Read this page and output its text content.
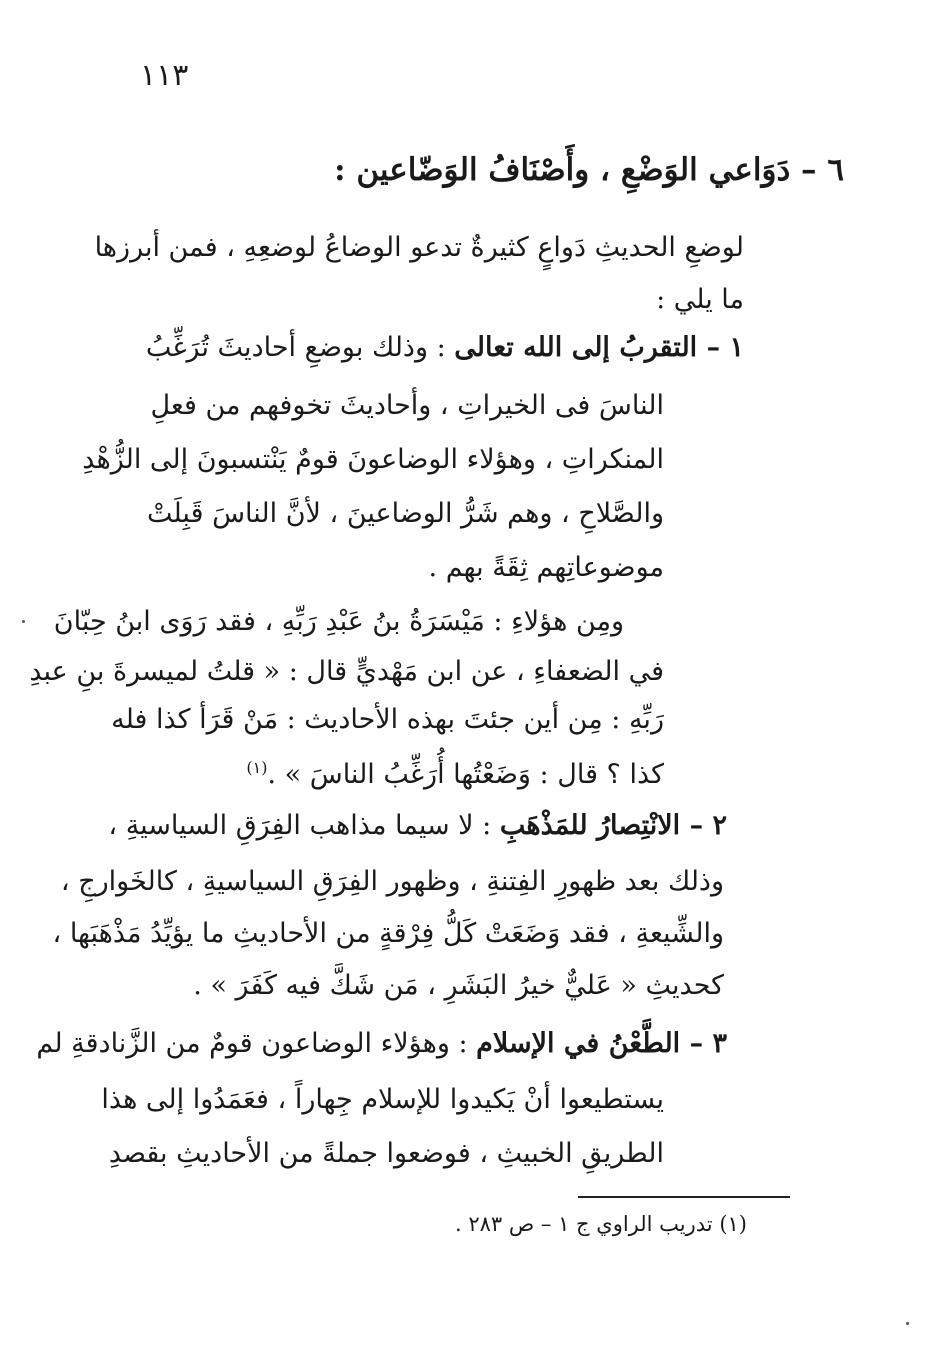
١١٣
٦ – دَوَاعي الوَضْعِ ، وأَصْنَافُ الوَضّاعين :
لوضعِ الحديثِ دَواعٍ كثيرةٌ تدعو الوضاعُ لوضعِهِ ، فمن أبرزها
ما يلي :
١ – التقربُ إلى الله تعالى : وذلك بوضعِ أحاديثَ تُرَغِّبُ
الناسَ فى الخيراتِ ، وأحاديثَ تخوفهم من فعلِ
المنكراتِ ، وهؤلاء الوضاعونَ قومٌ يَنْتسبونَ إلى الزُّهْدِ
والصَّلاحِ ، وهم شَرُّ الوضاعينَ ، لأنَّ الناسَ قَبِلَتْ
موضوعاتِهم ثِقَةً بهم .
ومِن هؤلاءِ : مَيْسَرَةُ بنُ عَبْدِ رَبِّهِ ، فقد رَوَى ابنُ حِبّانَ
في الضعفاءِ ، عن ابن مَهْديٍّ قال : « قلتُ لميسرةَ بنِ عبدِ
رَبِّهِ : مِن أين جئتَ بهذه الأحاديث : مَنْ قَرَأ كذا فله
كذا ؟ قال : وَضَعْتُها أُرَغِّبُ الناسَ » .$^{(١)}$
٢ – الانْتِصارُ للمَذْهَبِ : لا سيما مذاهب الفِرَقِ السياسيةِ ،
وذلك بعد ظهورِ الفِتنةِ ، وظهور الفِرَقِ السياسيةِ ، كالخَوارجِ ،
والشِّيعةِ ، فقد وَضَعَتْ كَلُّ فِرْقةٍ من الأحاديثِ ما يؤيِّدُ مَذْهَبَها ،
كحديثِ « عَليٌّ خيرُ البَشَرِ ، مَن شَكَّ فيه كَفَرَ » .
٣ – الطَّعْنُ في الإسلام : وهؤلاء الوضاعون قومٌ من الزَّنادقةِ لم
يستطيعوا أنْ يَكيدوا للإسلام جِهاراً ، فعَمَدُوا إلى هذا
الطريقِ الخبيثِ ، فوضعوا جملةً من الأحاديثِ بقصدِ
(١) تدريب الراوي ج ١ – ص ٢٨٣ .
